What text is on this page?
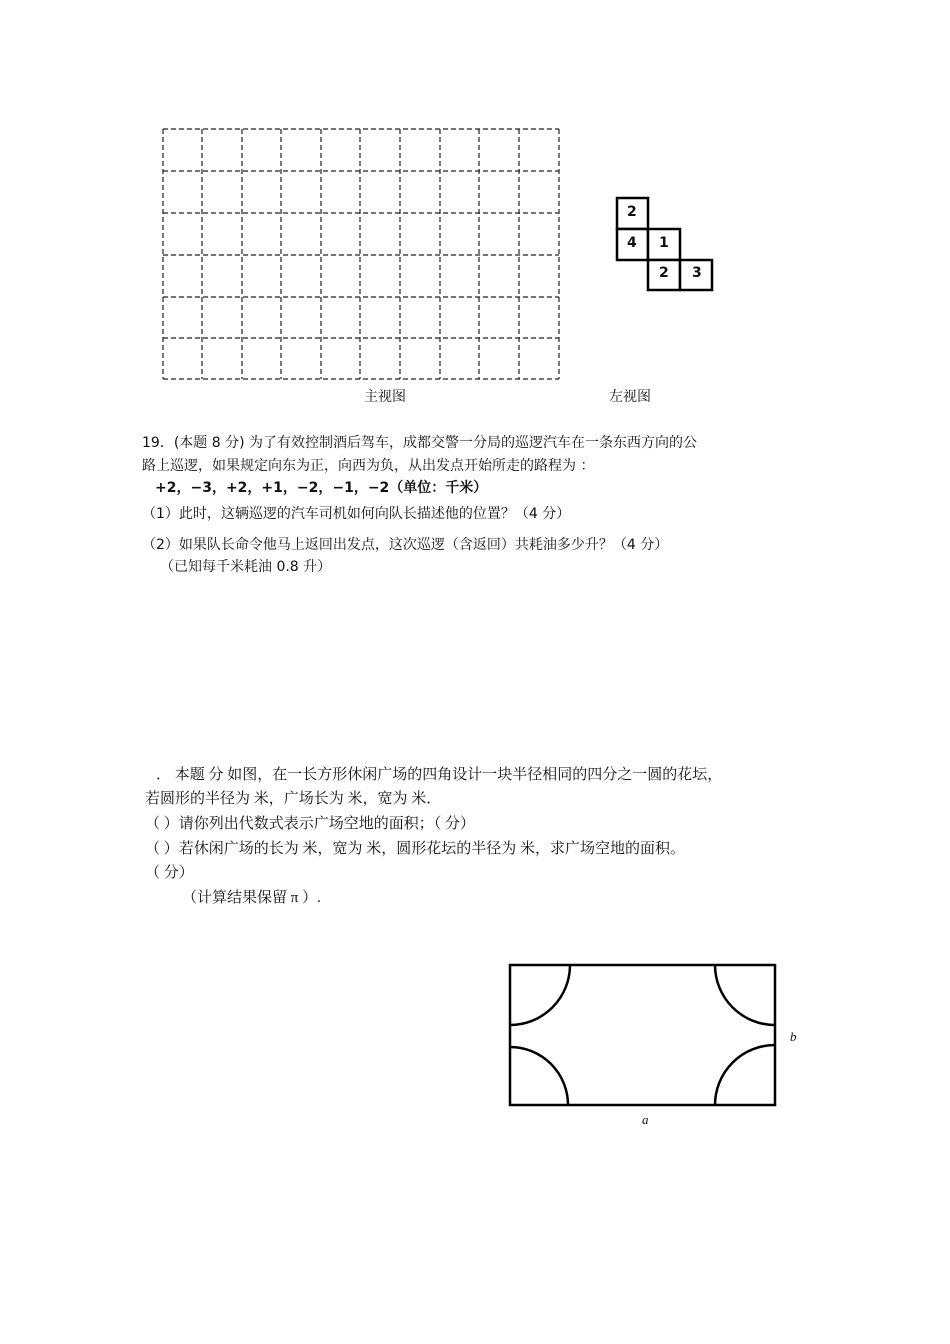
2
4 1
2 3
主视图	左视图
19．(本题 8 分) 为了有效控制酒后驾车，成都交警一分局的巡逻汽车在一条东西方向的公
路上巡逻，如果规定向东为正，向西为负，从出发点开始所走的路程为 ：
+2，−3，+2，+1，−2，−1，−2（单位：千米）
（1）此时，这辆巡逻的汽车司机如何向队长描述他的位置？（4 分）
（2）如果队长命令他马上返回出发点，这次巡逻（含返回）共耗油多少升？（4 分）
（已知每千米耗油 0.8 升）
． 本题 分 如图，在一长方形休闲广场的四角设计一块半径相同的四分之一圆的花坛，
若圆形的半径为 米，广场长为 米，宽为 米．
（ ）请你列出代数式表示广场空地的面积；（ 分）
（ ）若休闲广场的长为 米，宽为 米，圆形花坛的半径为 米，求广场空地的面积。
（ 分）
（计算结果保留 π ）.
b
a
